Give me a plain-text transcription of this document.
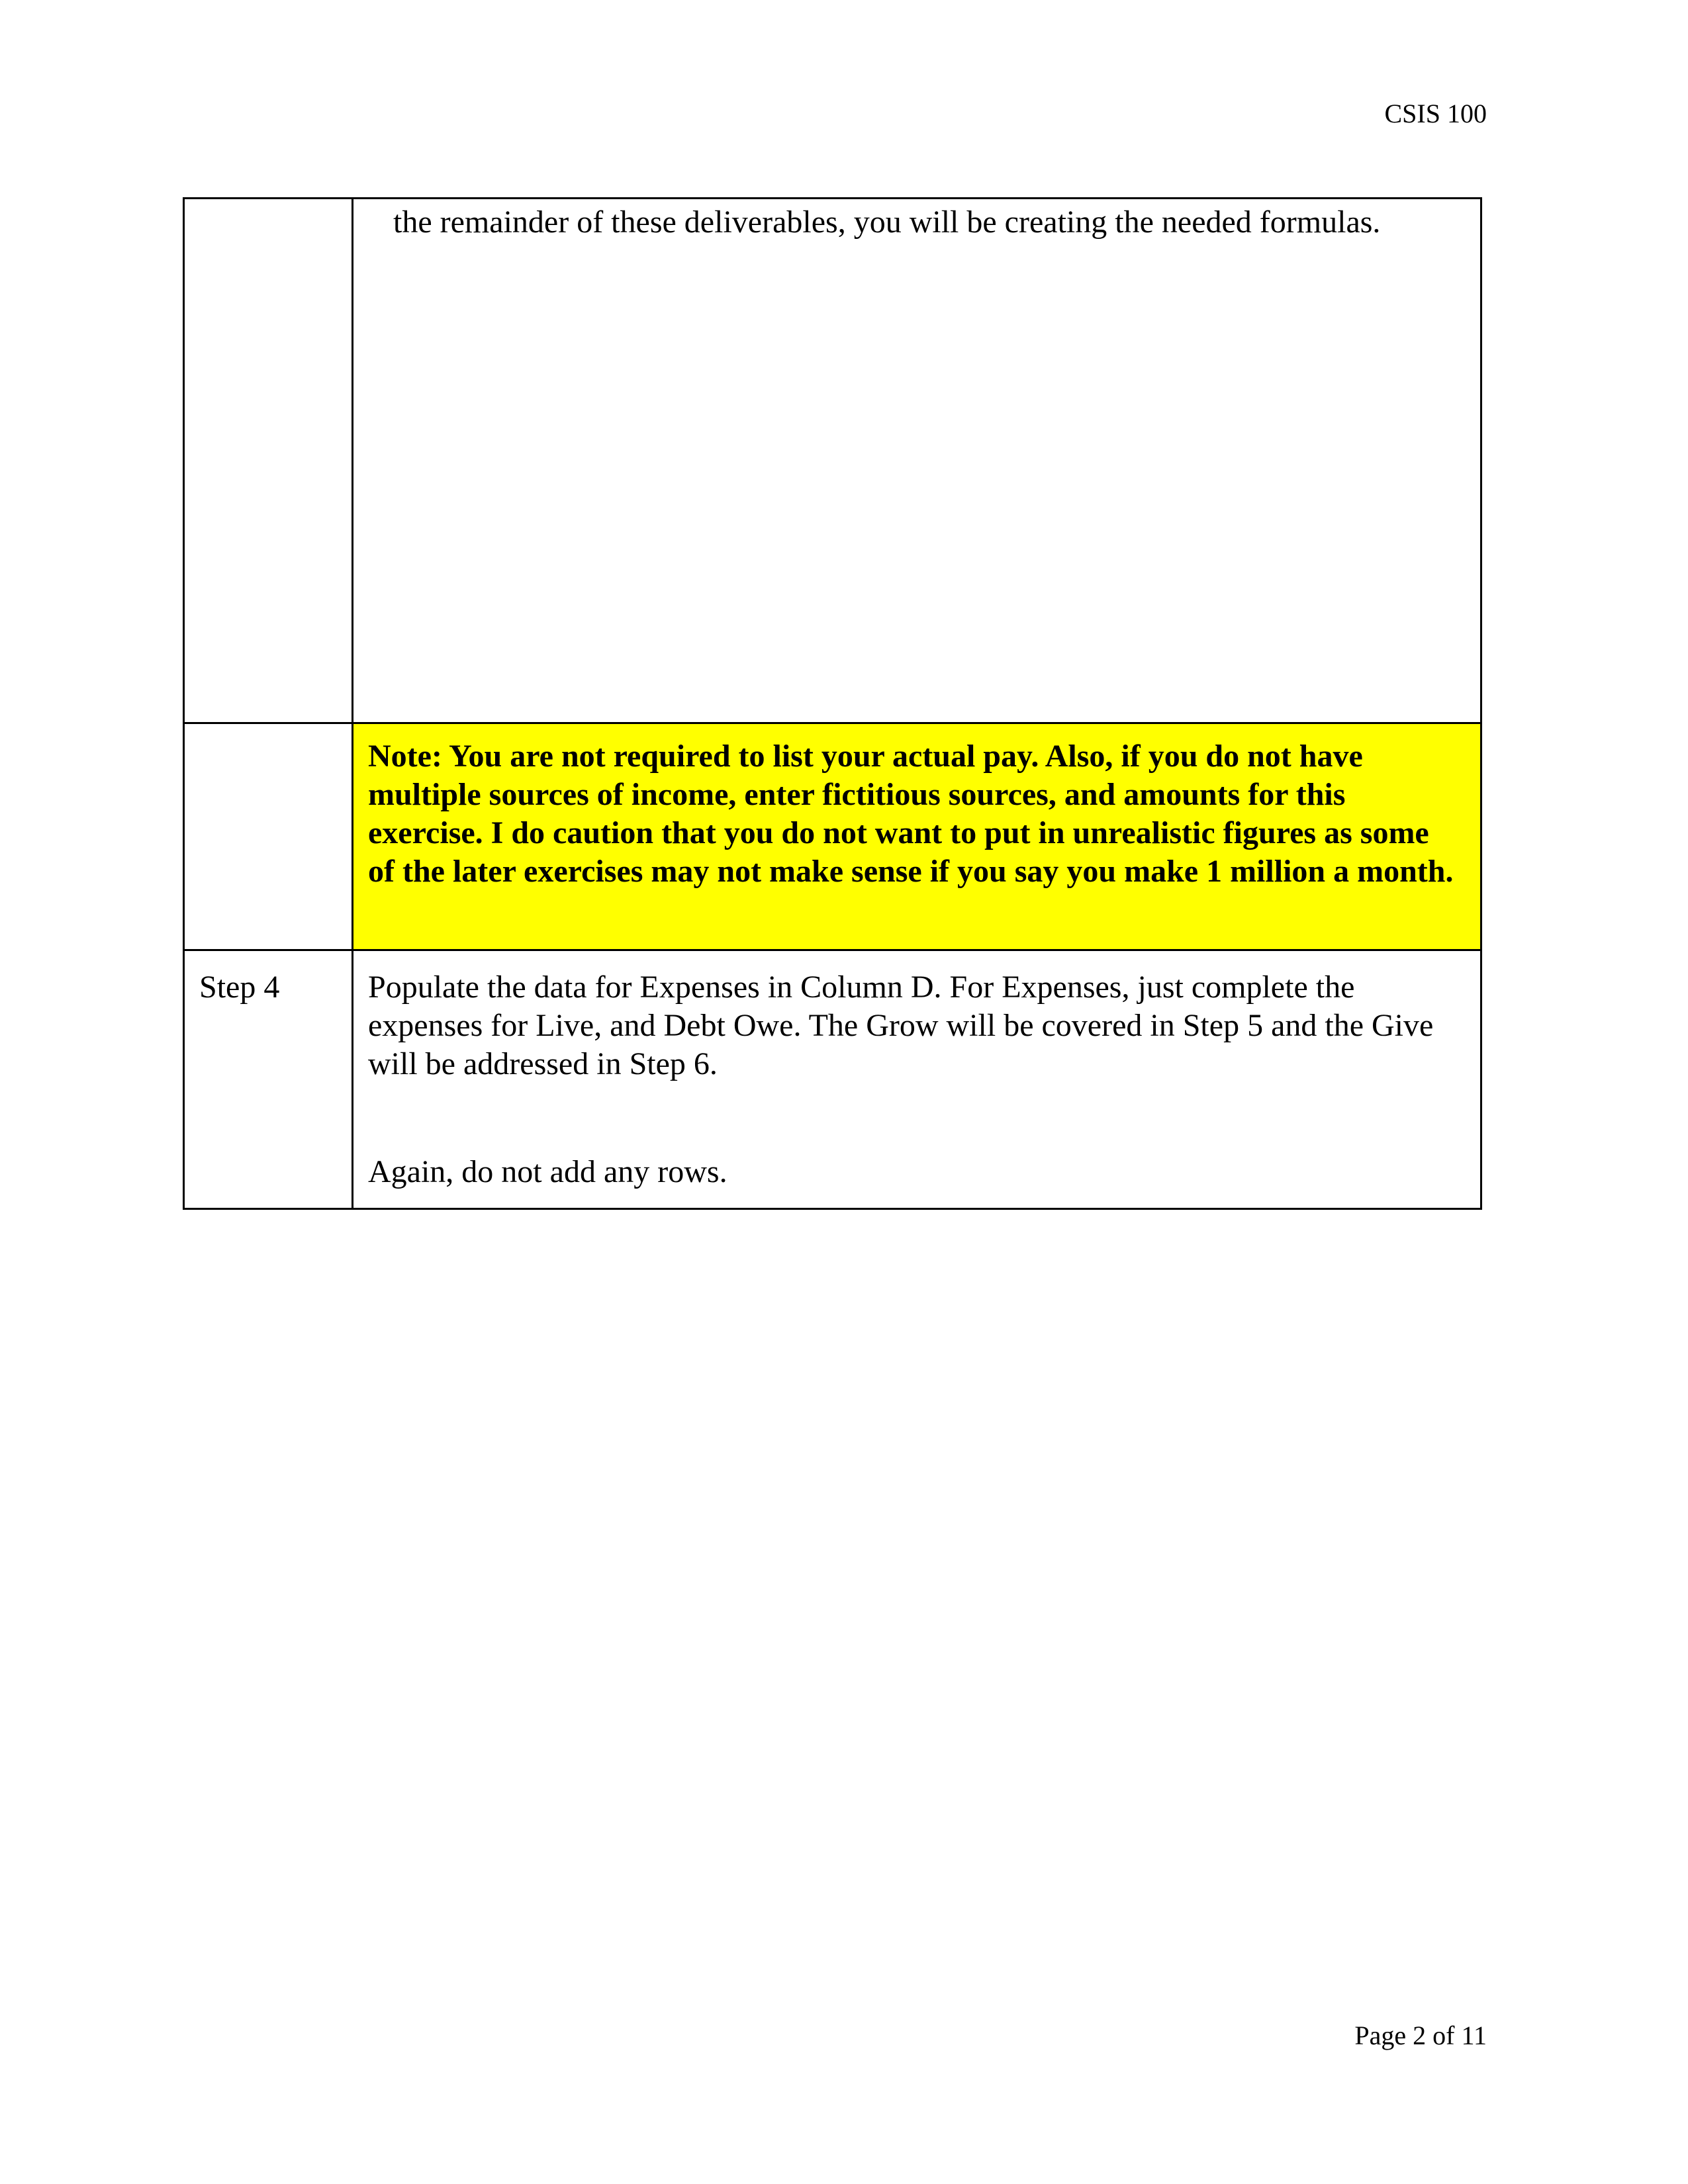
CSIS 100

	the remainder of these deliverables, you will be creating the needed formulas.

	Note: You are not required to list your actual pay. Also, if you do not have multiple sources of income, enter fictitious sources, and amounts for this exercise. I do caution that you do not want to put in unrealistic figures as some of the later exercises may not make sense if you say you make 1 million a month.

Step 4	Populate the data for Expenses in Column D. For Expenses, just complete the expenses for Live, and Debt Owe. The Grow will be covered in Step 5 and the Give will be addressed in Step 6.
Again, do not add any rows.
Page 2 of 11
